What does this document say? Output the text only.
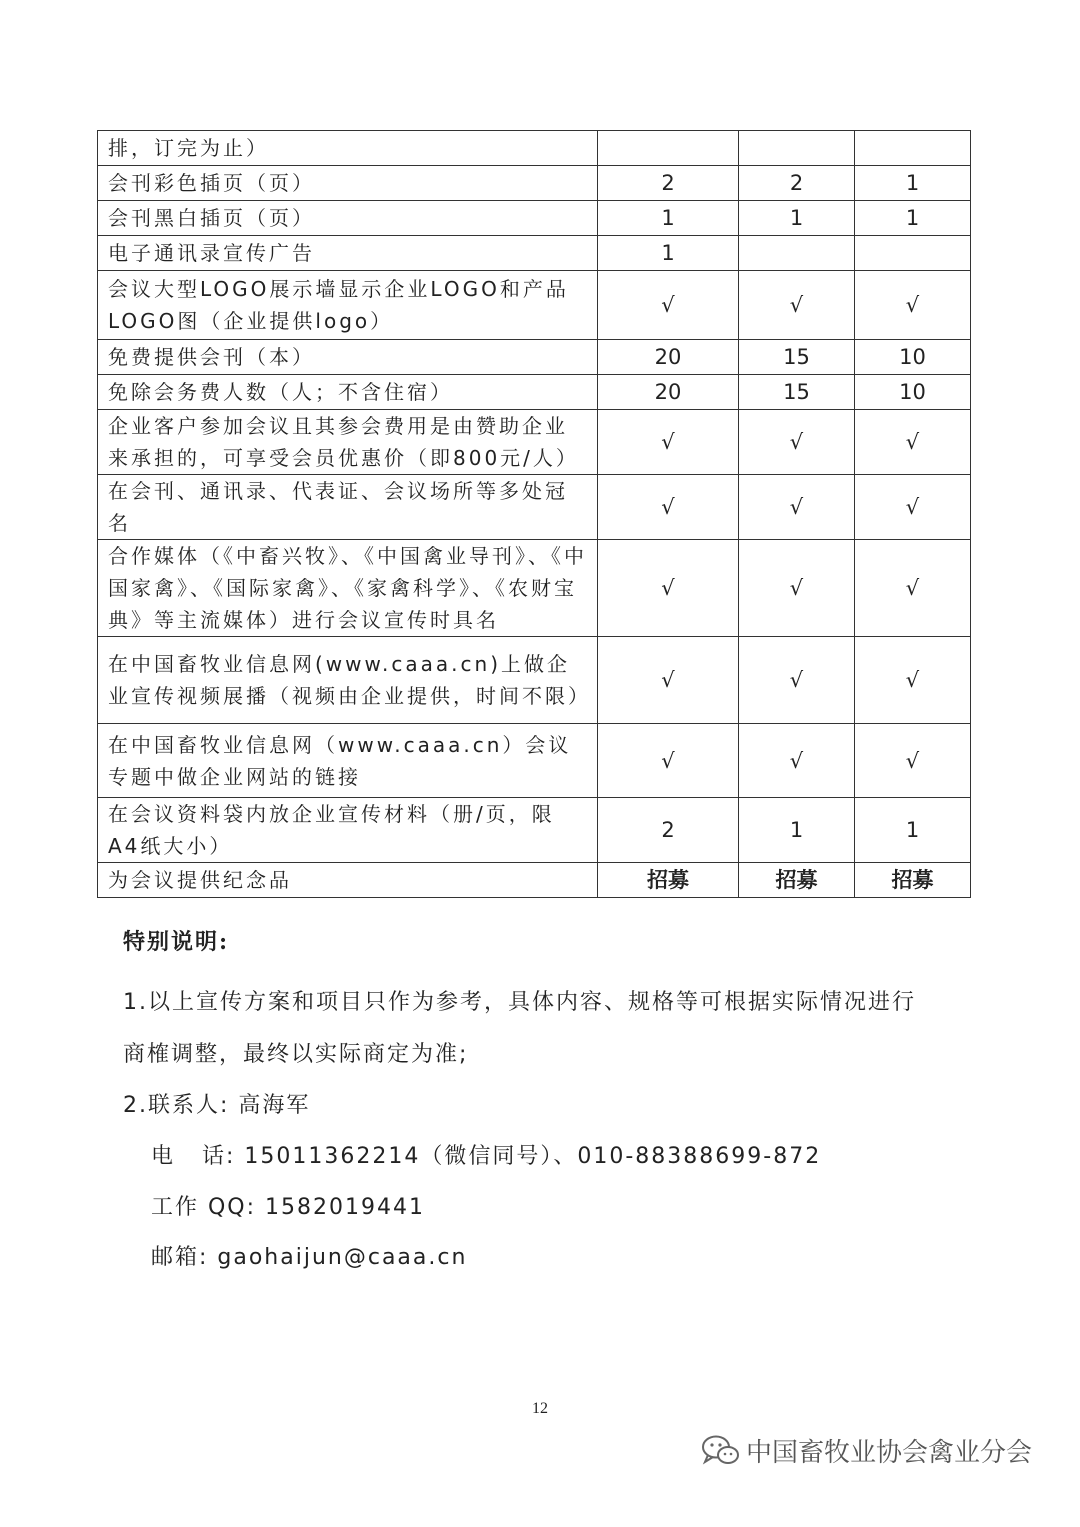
排，订完为止）			
会刊彩色插页（页）	2	2	1
会刊黑白插页（页）	1	1	1
电子通讯录宣传广告	1		
会议大型LOGO展示墙显示企业LOGO和产品LOGO图（企业提供logo）	√	√	√
免费提供会刊（本）	20	15	10
免除会务费人数（人；不含住宿）	20	15	10
企业客户参加会议且其参会费用是由赞助企业来承担的，可享受会员优惠价（即800元/人）	√	√	√
在会刊、通讯录、代表证、会议场所等多处冠名	√	√	√
合作媒体（《中畜兴牧》、《中国禽业导刊》、《中国家禽》、《国际家禽》、《家禽科学》、《农财宝典》等主流媒体）进行会议宣传时具名	√	√	√
在中国畜牧业信息网(www.caaa.cn)上做企业宣传视频展播（视频由企业提供，时间不限）	√	√	√
在中国畜牧业信息网（www.caaa.cn）会议专题中做企业网站的链接	√	√	√
在会议资料袋内放企业宣传材料（册/页，限A4纸大小）	2	1	1
为会议提供纪念品	招募	招募	招募
特别说明:
1.以上宣传方案和项目只作为参考，具体内容、规格等可根据实际情况进行
商榷调整，最终以实际商定为准;
2.联系人: 高海军
电   话: 15011362214（微信同号）、010-88388699-872
工作 QQ: 1582019441
邮箱: gaohaijun@caaa.cn
12
中国畜牧业协会禽业分会
